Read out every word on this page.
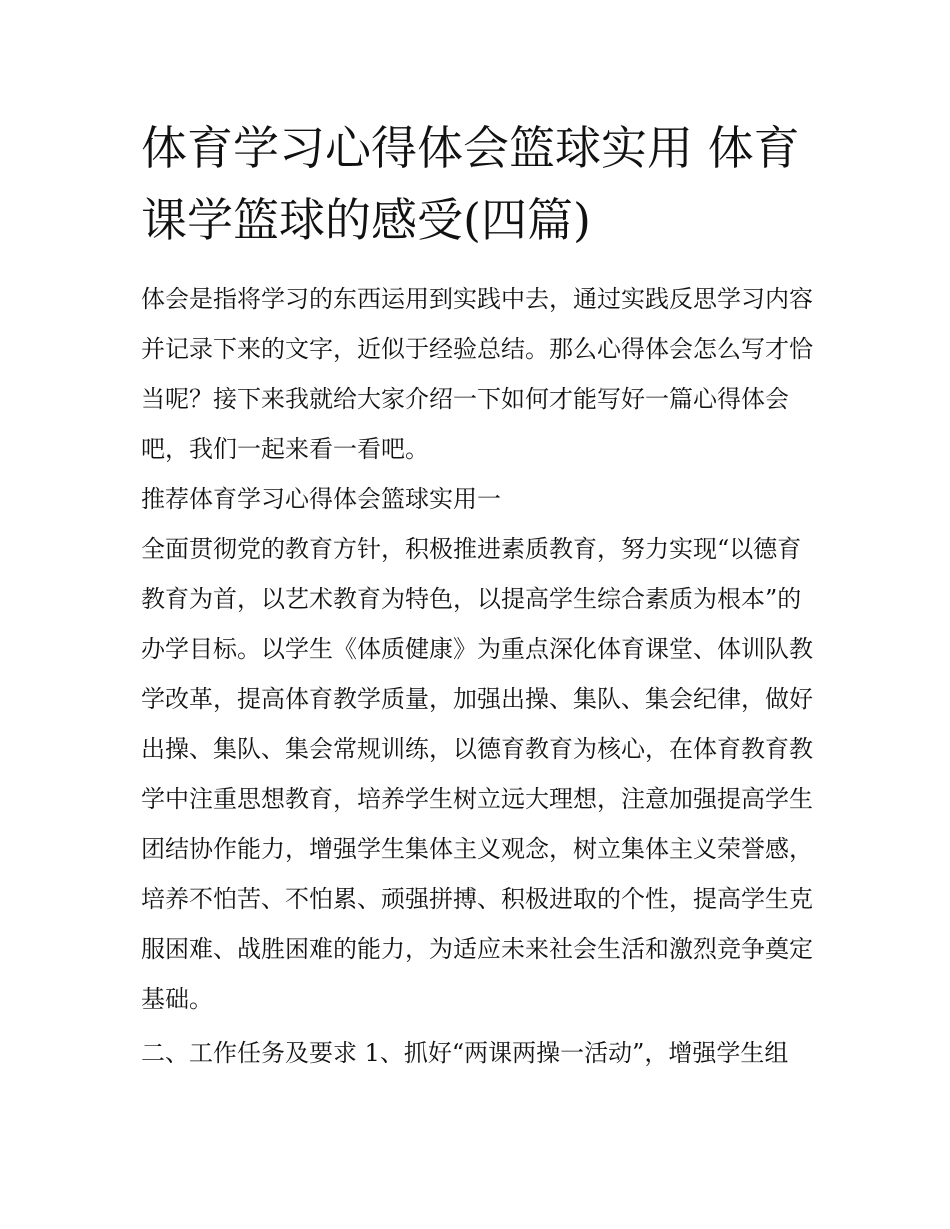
体育学习心得体会篮球实用 体育课学篮球的感受(四篇)

体会是指将学习的东西运用到实践中去，通过实践反思学习内容并记录下来的文字，近似于经验总结。那么心得体会怎么写才恰当呢？接下来我就给大家介绍一下如何才能写好一篇心得体会吧，我们一起来看一看吧。

推荐体育学习心得体会篮球实用一

全面贯彻党的教育方针，积极推进素质教育，努力实现“以德育教育为首，以艺术教育为特色，以提高学生综合素质为根本”的办学目标。以学生《体质健康》为重点深化体育课堂、体训队教学改革，提高体育教学质量，加强出操、集队、集会纪律，做好出操、集队、集会常规训练，以德育教育为核心，在体育教育教学中注重思想教育，培养学生树立远大理想，注意加强提高学生团结协作能力，增强学生集体主义观念，树立集体主义荣誉感，培养不怕苦、不怕累、顽强拼搏、积极进取的个性，提高学生克服困难、战胜困难的能力，为适应未来社会生活和激烈竞争奠定基础。

二、工作任务及要求 1、抓好“两课两操一活动”，增强学生组
